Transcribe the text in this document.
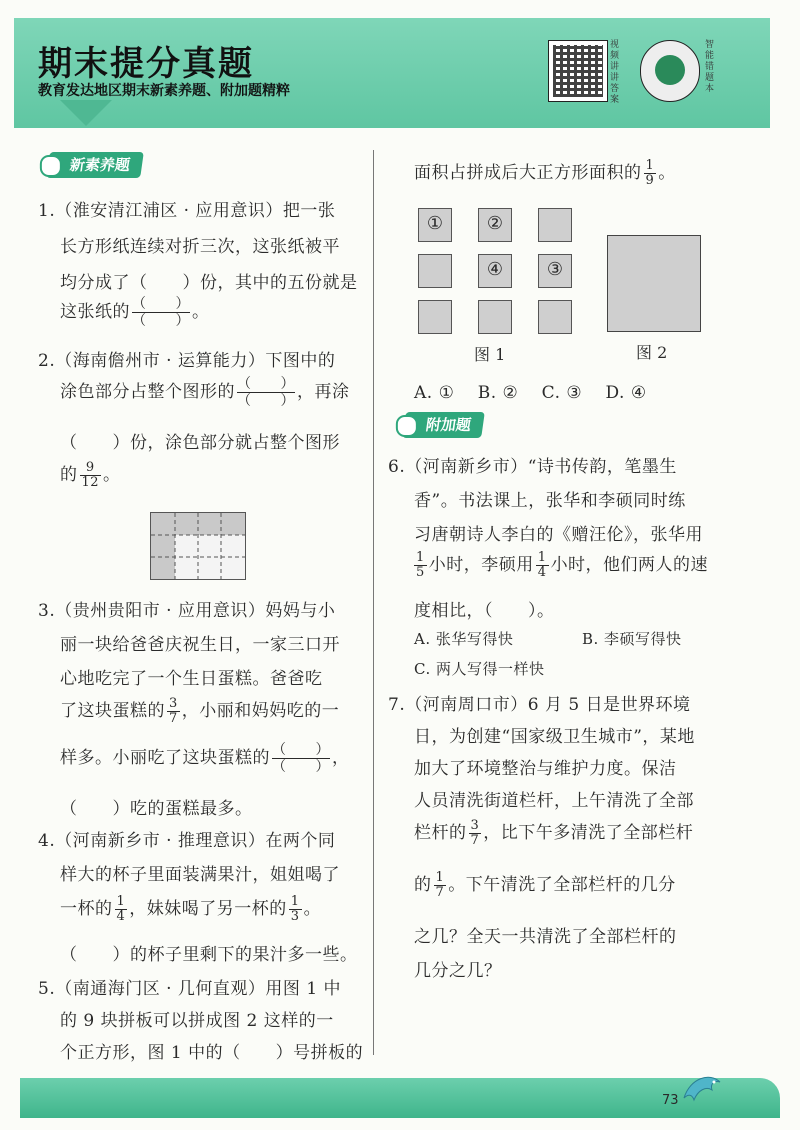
期末提分真题
教育发达地区期末新素养题、附加题精粹
视频讲讲答案
智能错题本
新素养题
1.（淮安清江浦区 · 应用意识）把一张
长方形纸连续对折三次，这张纸被平
均分成了（　　）份，其中的五份就是
这张纸的 $\frac{( )}{( )}$ 。
2.（海南儋州市 · 运算能力）下图中的
涂色部分占整个图形的 $\frac{( )}{( )}$ ，再涂
（　　）份，涂色部分就占整个图形
的 $\frac{9}{12}$ 。
3.（贵州贵阳市 · 应用意识）妈妈与小
丽一块给爸爸庆祝生日，一家三口开
心地吃完了一个生日蛋糕。爸爸吃
了这块蛋糕的 $\frac{3}{7}$ ，小丽和妈妈吃的一
样多。小丽吃了这块蛋糕的 $\frac{( )}{( )}$ ，
（　　）吃的蛋糕最多。
4.（河南新乡市 · 推理意识）在两个同
样大的杯子里面装满果汁，姐姐喝了
一杯的 $\frac{1}{4}$ ，妹妹喝了另一杯的 $\frac{1}{3}$ 。
（　　）的杯子里剩下的果汁多一些。
5.（南通海门区 · 几何直观）用图 1 中
的 9 块拼板可以拼成图 2 这样的一
个正方形，图 1 中的（　　）号拼板的
面积占拼成后大正方形面积的 $\frac{1}{9}$ 。
①	②
④	③
图 1	图 2
A. ①　 B. ②　 C. ③　 D. ④
附加题
6.（河南新乡市）“诗书传韵，笔墨生
香”。书法课上，张华和李硕同时练
习唐朝诗人李白的《赠汪伦》，张华用
$\frac{1}{5}$ 小时，李硕用 $\frac{1}{4}$ 小时，他们两人的速
度相比，（　　）。
A. 张华写得快	B. 李硕写得快
C. 两人写得一样快
7.（河南周口市）6 月 5 日是世界环境
日，为创建“国家级卫生城市”，某地
加大了环境整治与维护力度。保洁
人员清洗街道栏杆，上午清洗了全部
栏杆的 $\frac{3}{7}$ ，比下午多清洗了全部栏杆
的 $\frac{1}{7}$ 。下午清洗了全部栏杆的几分
之几？全天一共清洗了全部栏杆的
几分之几？
73
